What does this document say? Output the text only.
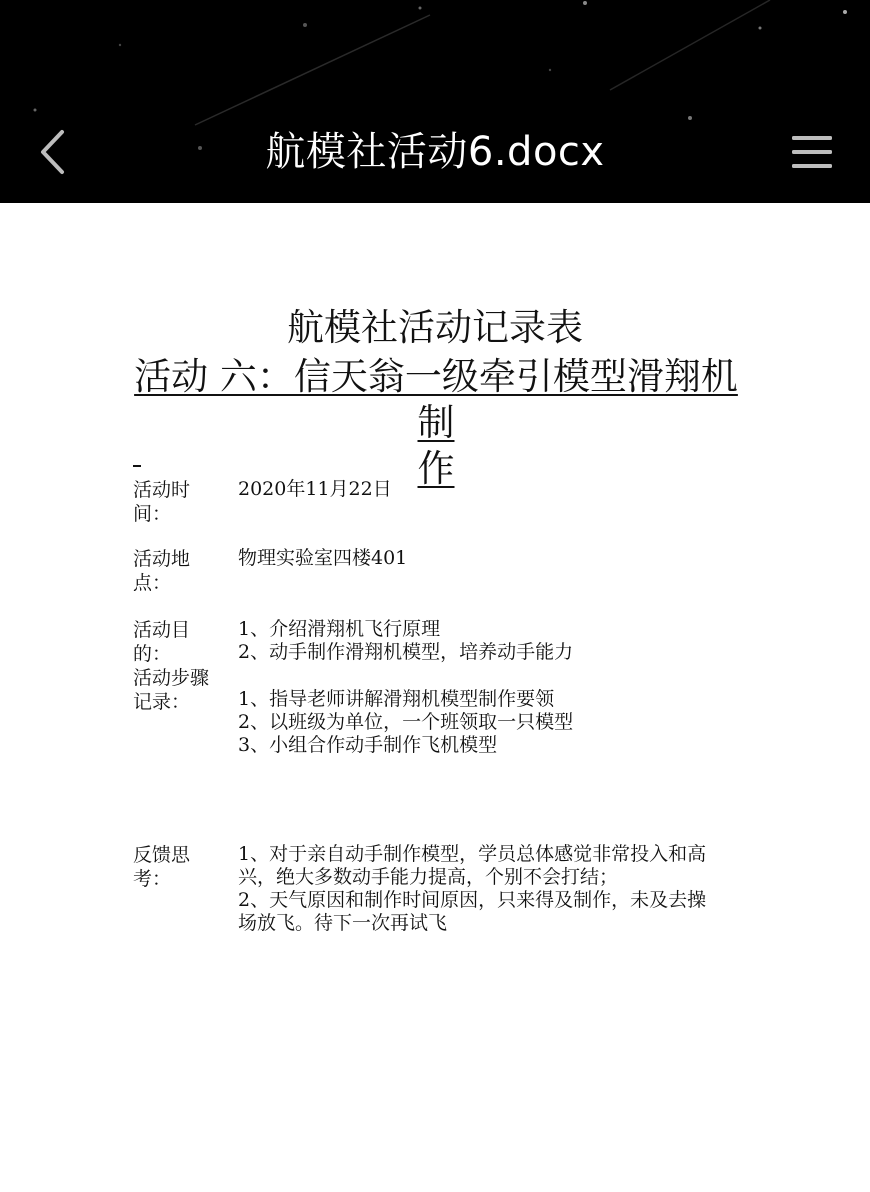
航模社活动6.docx
航模社活动记录表
活动 六：信天翁一级牵引模型滑翔机制
作
活动时间：
2020年11月22日
活动地点：
物理实验室四楼401
活动目的：
1、介绍滑翔机飞行原理
2、动手制作滑翔机模型，培养动手能力
活动步骤记录：	1、指导老师讲解滑翔机模型制作要领
2、以班级为单位，一个班领取一只模型
3、小组合作动手制作飞机模型
反馈思考：
1、对于亲自动手制作模型，学员总体感觉非常投入和高兴，绝大多数动手能力提高，个别不会打结；
2、天气原因和制作时间原因，只来得及制作，未及去操场放飞。待下一次再试飞
